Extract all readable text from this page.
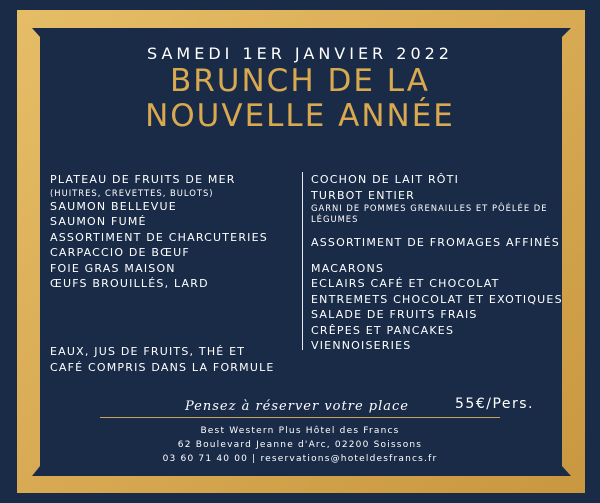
SAMEDI 1ER JANVIER 2022
BRUNCH DE LA
NOUVELLE ANNÉE
PLATEAU DE FRUITS DE MER
(HUITRES, CREVETTES, BULOTS)
SAUMON BELLEVUE
SAUMON FUMÉ
ASSORTIMENT DE CHARCUTERIES
CARPACCIO DE BŒUF
FOIE GRAS MAISON
ŒUFS BROUILLÉS, LARD
COCHON DE LAIT RÔTI
TURBOT ENTIER
GARNI DE POMMES GRENAILLES ET PÔÉLÉE DE
LÉGUMES
ASSORTIMENT DE FROMAGES AFFINÉS
MACARONS
ECLAIRS CAFÉ ET CHOCOLAT
ENTREMETS CHOCOLAT ET EXOTIQUES
SALADE DE FRUITS FRAIS
CRÊPES ET PANCAKES
VIENNOISERIES
EAUX, JUS DE FRUITS, THÉ ET
CAFÉ COMPRIS DANS LA FORMULE
Pensez à réserver votre place	55€/Pers.
Best Western Plus Hôtel des Francs
62 Boulevard Jeanne d'Arc, 02200 Soissons
03 60 71 40 00 | reservations@hoteldesfrancs.fr
